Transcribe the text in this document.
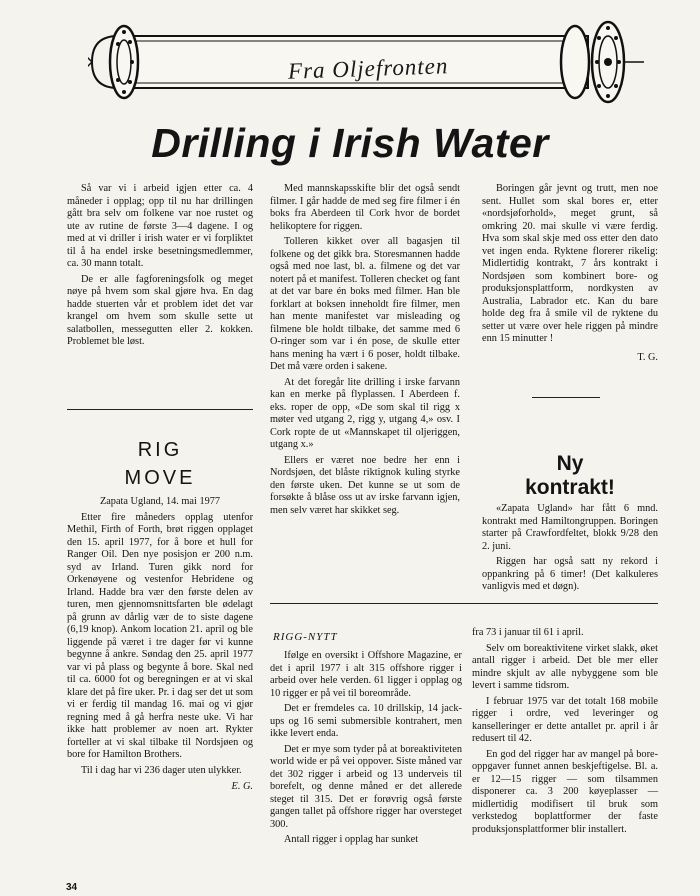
Fra Oljefronten
Drilling i Irish Water

Så var vi i arbeid igjen etter ca. 4 måneder i opplag; opp til nu har drillingen gått bra selv om folkene var noe rustet og ute av rutine de første 3—4 dagene. I og med at vi driller i irish water er vi forpliktet til å ha endel irske besetningsmedlemmer, ca. 30 mann totalt.

De er alle fagforeningsfolk og meget nøye på hvem som skal gjøre hva. En dag hadde stuerten vår et problem idet det var krangel om hvem som skulle sette ut salatbollen, messegutten eller 2. kokken. Problemet ble løst.

RIG
MOVE

Zapata Ugland, 14. mai 1977

Etter fire måneders opplag utenfor Methil, Firth of Forth, brøt riggen opplaget den 15. april 1977, for å bore et hull for Ranger Oil. Den nye posisjon er 200 n.m. syd av Irland. Turen gikk nord for Orkenøyene og vestenfor Hebridene og Irland. Hadde bra vær den første delen av turen, men gjennomsnittsfarten ble ødelagt på grunn av dårlig vær de to siste dagene (6,19 knop). Ankom location 21. april og ble liggende på været i tre dager før vi kunne begynne å ankre. Søndag den 25. april 1977 var vi på plass og begynte å bore. Skal ned til ca. 6000 fot og beregningen er at vi skal klare det på fire uker. Pr. i dag ser det ut som vi er ferdig til mandag 16. mai og vi gjør regning med å gå herfra neste uke. Vi har ikke hatt problemer av noen art. Rykter forteller at vi skal tilbake til Nordsjøen og bore for Hamilton Brothers.

Til i dag har vi 236 dager uten ulykker.

E. G.

Med mannskapsskifte blir det også sendt filmer. I går hadde de med seg fire filmer i én boks fra Aberdeen til Cork hvor de bordet helikoptere for riggen.

Tolleren kikket over all bagasjen til folkene og det gikk bra. Storesmannen hadde også med noe last, bl. a. filmene og det var notert på et manifest. Tolleren checket og fant at det var bare én boks med filmer. Han ble forklart at boksen inneholdt fire filmer, men han mente manifestet var misleading og filmene ble holdt tilbake, det samme med 6 O-ringer som var i én pose, de skulle etter hans mening ha vært i 6 poser, holdt tilbake. Det må være orden i sakene.

At det foregår lite drilling i irske farvann kan en merke på flyplassen. I Aberdeen f. eks. roper de opp, «De som skal til rigg x møter ved utgang 2, rigg y, utgang 4,» osv. I Cork ropte de ut «Mannskapet til oljeriggen, utgang x.»

Ellers er været noe bedre her enn i Nordsjøen, det blåste riktignok kuling styrke den første uken. Det kunne se ut som de forsøkte å blåse oss ut av irske farvann igjen, men selv været har skikket seg.

Boringen går jevnt og trutt, men noe sent. Hullet som skal bores er, etter «nordsjøforhold», meget grunt, så omkring 20. mai skulle vi være ferdig. Hva som skal skje med oss etter den dato vet ingen enda. Ryktene florerer rikelig: Midlertidig kontrakt, 7 års kontrakt i Nordsjøen som kombinert bore- og produksjonsplattform, nordkysten av Australia, Labrador etc. Kan du bare holde deg fra å smile vil de ryktene du setter ut være over hele riggen på mindre enn 15 minutter !

T. G.
Ny
kontrakt!

«Zapata Ugland» har fått 6 mnd. kontrakt med Hamiltongruppen. Boringen starter på Crawfordfeltet, blokk 9/28 den 2. juni.

Riggen har også satt ny rekord i oppankring på 6 timer! (Det kalkuleres vanligvis med et døgn).

RIGG-NYTT

Ifølge en oversikt i Offshore Magazine, er det i april 1977 i alt 315 offshore rigger i arbeid over hele verden. 61 ligger i opplag og 10 rigger er på vei til boreområde.

Det er fremdeles ca. 10 drillskip, 14 jack-ups og 16 semi submersible kontrahert, men ikke levert enda.

Det er mye som tyder på at boreaktiviteten world wide er på vei oppover. Siste måned var det 302 rigger i arbeid og 13 underveis til borefelt, og denne måned er det allerede steget til 315. Det er forøvrig også første gangen tallet på offshore rigger har oversteget 300.

Antall rigger i opplag har sunket

fra 73 i januar til 61 i april.

Selv om boreaktivitene virket slakk, øket antall rigger i arbeid. Det ble mer eller mindre skjult av alle nybyggene som ble levert i samme tidsrom.

I februar 1975 var det totalt 168 mobile rigger i ordre, ved leveringer og kanselleringer er dette antallet pr. april i år redusert til 42.

En god del rigger har av mangel på bore-oppgaver funnet annen beskjeftigelse. Bl. a. er 12—15 rigger — som tilsammen disponerer ca. 3 200 køyeplasser — midlertidig modifisert til bruk som verkstedog boplattformer der faste produksjonsplattformer blir installert.

34
